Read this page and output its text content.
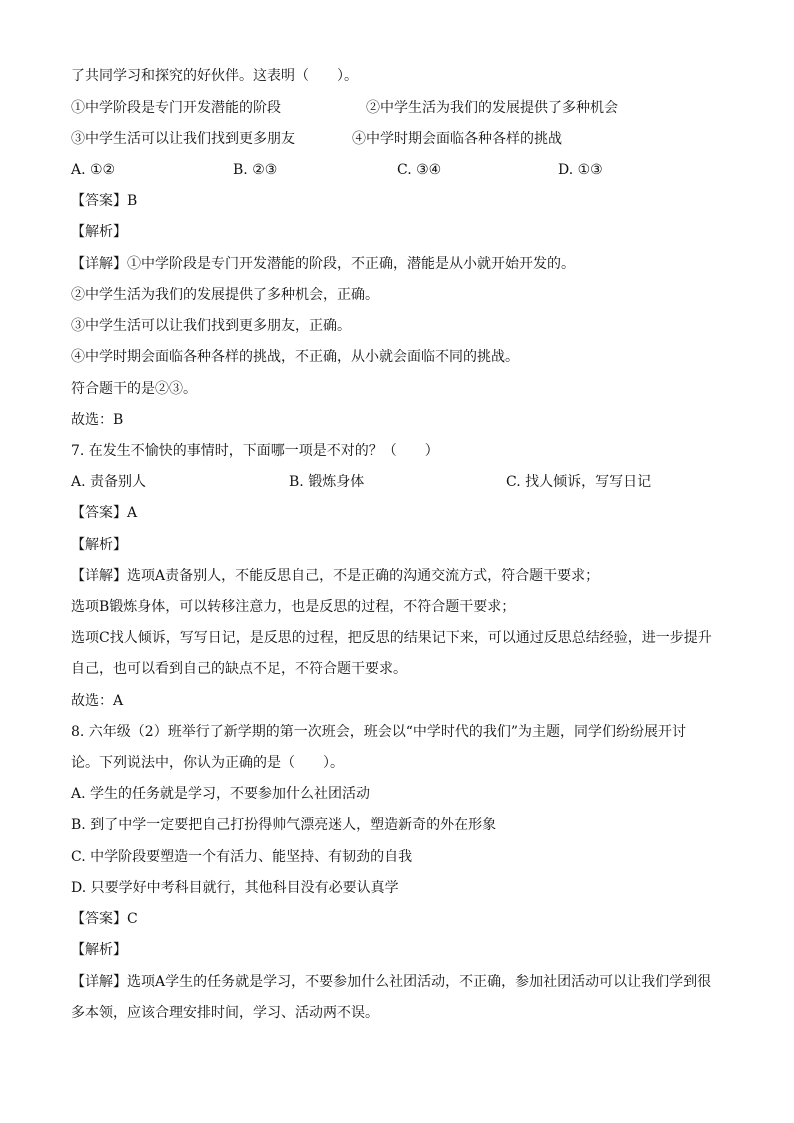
了共同学习和探究的好伙伴。这表明（　　）。
①中学阶段是专门开发潜能的阶段	②中学生活为我们的发展提供了多种机会
③中学生活可以让我们找到更多朋友	④中学时期会面临各种各样的挑战
A. ①②	B. ②③	C. ③④	D. ①③
【答案】B
【解析】
【详解】①中学阶段是专门开发潜能的阶段，不正确，潜能是从小就开始开发的。
②中学生活为我们的发展提供了多种机会，正确。
③中学生活可以让我们找到更多朋友，正确。
④中学时期会面临各种各样的挑战，不正确，从小就会面临不同的挑战。
符合题干的是②③。
故选：B
7. 在发生不愉快的事情时，下面哪一项是不对的？（　　）
A. 责备别人	B. 锻炼身体	C. 找人倾诉，写写日记
【答案】A
【解析】
【详解】选项A责备别人，不能反思自己，不是正确的沟通交流方式，符合题干要求；
选项B锻炼身体，可以转移注意力，也是反思的过程，不符合题干要求；
选项C找人倾诉，写写日记，是反思的过程，把反思的结果记下来，可以通过反思总结经验，进一步提升
自己，也可以看到自己的缺点不足，不符合题干要求。
故选：A
8. 六年级（2）班举行了新学期的第一次班会，班会以“中学时代的我们”为主题，同学们纷纷展开讨
论。下列说法中，你认为正确的是（　　）。
A. 学生的任务就是学习，不要参加什么社团活动
B. 到了中学一定要把自己打扮得帅气漂亮迷人，塑造新奇的外在形象
C. 中学阶段要塑造一个有活力、能坚持、有韧劲的自我
D. 只要学好中考科目就行，其他科目没有必要认真学
【答案】C
【解析】
【详解】选项A学生的任务就是学习，不要参加什么社团活动，不正确，参加社团活动可以让我们学到很
多本领，应该合理安排时间，学习、活动两不误。
